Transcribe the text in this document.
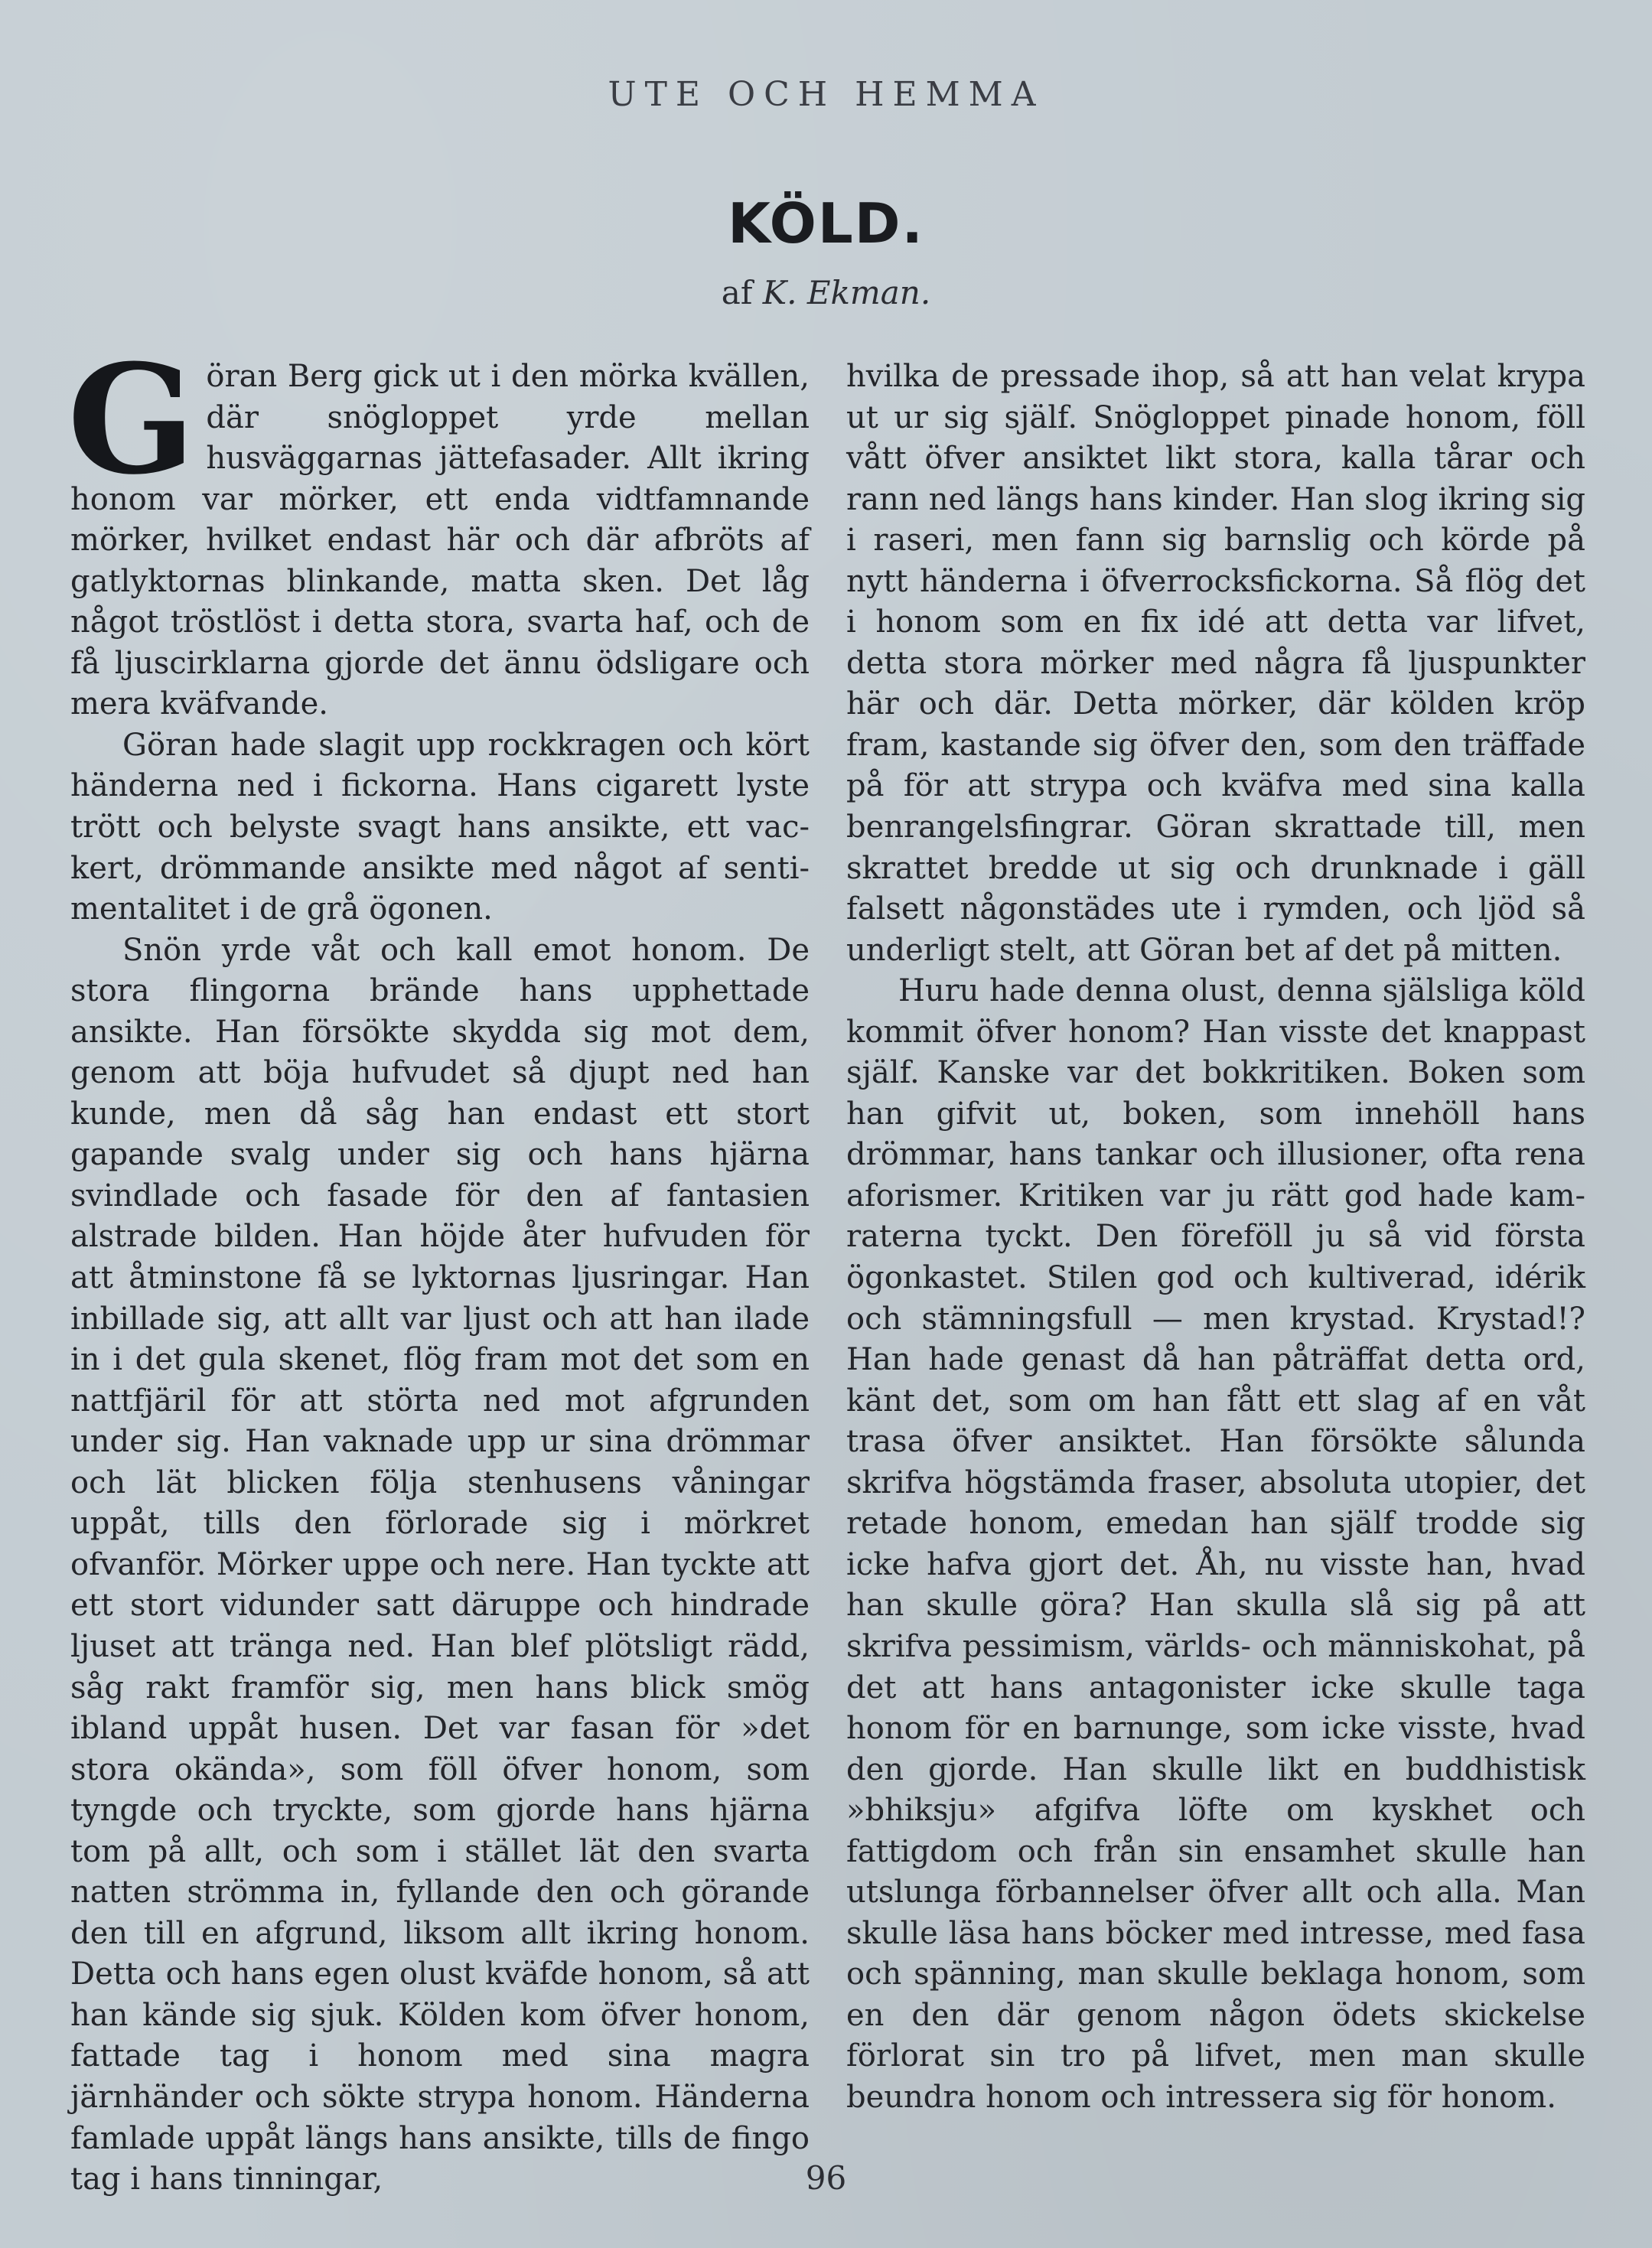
UTE OCH HEMMA
KÖLD.
af K. Ekman.

Göran Berg gick ut i den mörka kvällen, där snögloppet yrde mellan husväggarnas jättefasader. Allt ikring honom var mörker, ett enda vidtfamnande mörker, hvilket endast här och där afbröts af gatlyktornas blinkande, matta sken. Det låg något tröstlöst i detta stora, svarta haf, och de få ljuscirklarna gjorde det ännu ödsligare och mera kväfvande.

Göran hade slagit upp rockkragen och kört händerna ned i fickorna. Hans cigarett lyste trött och belyste svagt hans ansikte, ett vackert, drömmande ansikte med något af sentimentalitet i de grå ögonen.

Snön yrde våt och kall emot honom. De stora flingorna brände hans upphettade ansikte. Han försökte skydda sig mot dem, genom att böja hufvudet så djupt ned han kunde, men då såg han endast ett stort gapande svalg under sig och hans hjärna svindlade och fasade för den af fantasien alstrade bilden. Han höjde åter hufvuden för att åtminstone få se lyktornas ljusringar. Han inbillade sig, att allt var ljust och att han ilade in i det gula skenet, flög fram mot det som en nattfjäril för att störta ned mot afgrunden under sig. Han vaknade upp ur sina drömmar och lät blicken följa stenhusens våningar uppåt, tills den förlorade sig i mörkret ofvanför. Mörker uppe och nere. Han tyckte att ett stort vidunder satt däruppe och hindrade ljuset att tränga ned. Han blef plötsligt rädd, såg rakt framför sig, men hans blick smög ibland uppåt husen. Det var fasan för »det stora okända», som föll öfver honom, som tyngde och tryckte, som gjorde hans hjärna tom på allt, och som i stället lät den svarta natten strömma in, fyllande den och görande den till en afgrund, liksom allt ikring honom. Detta och hans egen olust kväfde honom, så att han kände sig sjuk. Kölden kom öfver honom, fattade tag i honom med sina magra järnhänder och sökte strypa honom. Händerna famlade uppåt längs hans ansikte, tills de fingo tag i hans tinningar,

hvilka de pressade ihop, så att han velat krypa ut ur sig själf. Snögloppet pinade honom, föll vått öfver ansiktet likt stora, kalla tårar och rann ned längs hans kinder. Han slog ikring sig i raseri, men fann sig barnslig och körde på nytt händerna i öfverrocksfickorna. Så flög det i honom som en fix idé att detta var lifvet, detta stora mörker med några få ljuspunkter här och där. Detta mörker, där kölden kröp fram, kastande sig öfver den, som den träffade på för att strypa och kväfva med sina kalla benrangelsfingrar. Göran skrattade till, men skrattet bredde ut sig och drunknade i gäll falsett någonstädes ute i rymden, och ljöd så underligt stelt, att Göran bet af det på mitten.

Huru hade denna olust, denna själsliga köld kommit öfver honom? Han visste det knappast själf. Kanske var det bokkritiken. Boken som han gifvit ut, boken, som innehöll hans drömmar, hans tankar och illusioner, ofta rena aforismer. Kritiken var ju rätt god hade kamraterna tyckt. Den föreföll ju så vid första ögonkastet. Stilen god och kultiverad, idérik och stämningsfull — men krystad. Krystad!? Han hade genast då han påträffat detta ord, känt det, som om han fått ett slag af en våt trasa öfver ansiktet. Han försökte sålunda skrifva högstämda fraser, absoluta utopier, det retade honom, emedan han själf trodde sig icke hafva gjort det. Åh, nu visste han, hvad han skulle göra? Han skulla slå sig på att skrifva pessimism, världs- och människohat, på det att hans antagonister icke skulle taga honom för en barnunge, som icke visste, hvad den gjorde. Han skulle likt en buddhistisk »bhiksju» afgifva löfte om kyskhet och fattigdom och från sin ensamhet skulle han utslunga förbannelser öfver allt och alla. Man skulle läsa hans böcker med intresse, med fasa och spänning, man skulle beklaga honom, som en den där genom någon ödets skickelse förlorat sin tro på lifvet, men man skulle beundra honom och intressera sig för honom.

96
